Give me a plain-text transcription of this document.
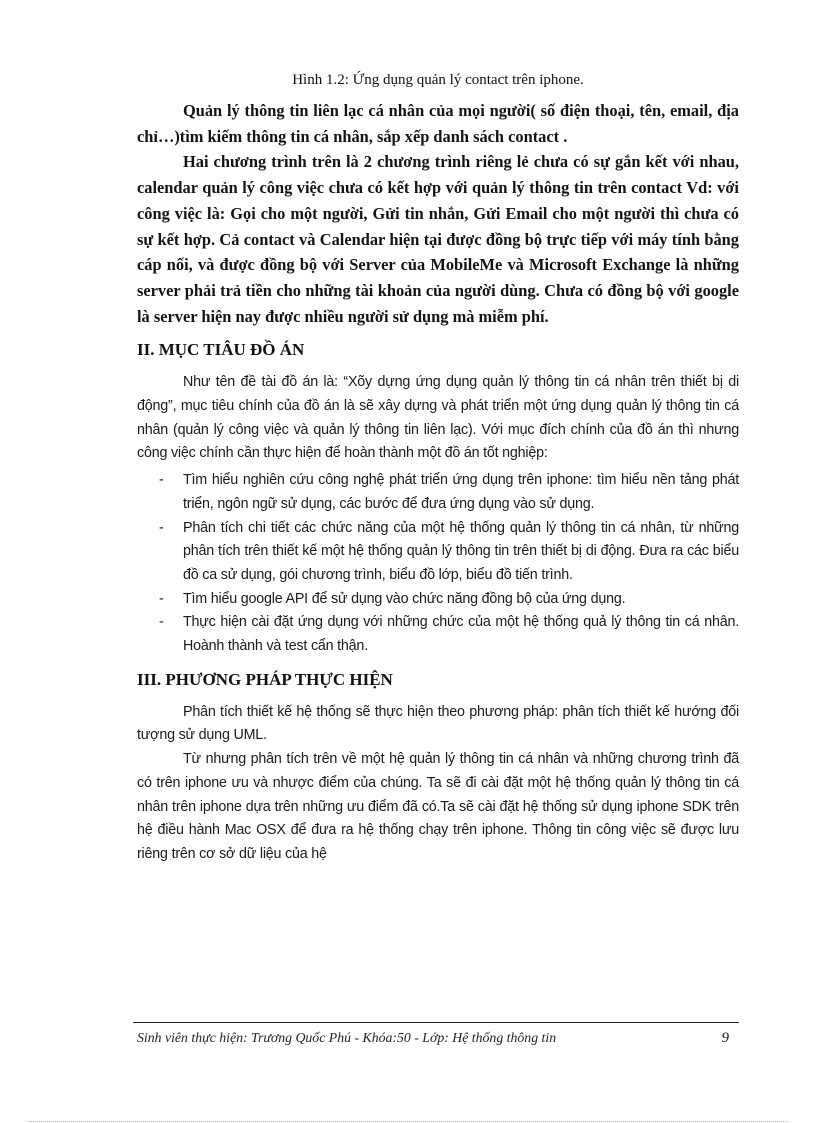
Hình 1.2: Ứng dụng quản lý contact trên iphone.

Quản lý thông tin liên lạc cá nhân của mọi người( số điện thoại, tên, email, địa chỉ…)tìm kiếm thông tin cá nhân, sắp xếp danh sách contact .

Hai chương trình trên là 2 chương trình riêng lẻ chưa có sự gắn kết với nhau, calendar quản lý công việc chưa có kết hợp với quản lý thông tin trên contact Vd: với công việc là: Gọi cho một người, Gửi tin nhắn, Gửi Email cho một người thì chưa có sự kết hợp. Cả contact và Calendar hiện tại được đồng bộ trực tiếp với máy tính bằng cáp nối, và được đồng bộ với Server của MobileMe và Microsoft Exchange là những server phải trả tiền cho những tài khoản của người dùng. Chưa có đồng bộ với google là server hiện nay được nhiều người sử dụng mà miễm phí.

II. MỤC TIÂU ĐỒ ÁN

Như tên đề tài đồ án là: “Xõy dựng ứng dụng quản lý thông tin cá nhân trên thiết bị di động”, mục tiêu chính của đồ án là sẽ xây dựng và phát triển một ứng dụng quản lý thông tin cá nhân (quản lý công việc và quản lý thông tin liên lạc). Với mục đích chính của đồ án thì nhưng công việc chính cần thực hiện để hoàn thành một đồ án tốt nghiệp:

- Tìm hiểu nghiên cứu công nghệ phát triển ứng dụng trên iphone: tìm hiểu nền tảng phát triển, ngôn ngữ sử dụng, các bước để đưa ứng dụng vào sử dụng.
- Phân tích chi tiết các chức năng của một hệ thống quản lý thông tin cá nhân, từ những phân tích trên thiết kế một hệ thống quản lý thông tin trên thiết bị di động. Đưa ra các biểu đồ ca sử dụng, gói chương trình, biểu đồ lớp, biểu đồ tiến trình.
- Tìm hiểu google API để sử dụng vào chức năng đồng bộ của ứng dụng.
- Thực hiện cài đặt ứng dụng với những chức của một hệ thống quả lý thông tin cá nhân. Hoành thành và test cẩn thận.
III. PHƯƠNG PHÁP THỰC HIỆN

Phân tích thiết kế hệ thống sẽ thực hiện theo phương pháp: phân tích thiết kế hướng đối tượng sử dụng UML.

Từ nhưng phân tích trên về một hệ quản lý thông tin cá nhân và những chương trình đã có trên iphone ưu và nhược điểm của chúng. Ta sẽ đi cài đặt một hệ thống quản lý thông tin cá nhân trên iphone dựa trên những ưu điểm đã có.Ta sẽ cài đặt hệ thống sử dụng iphone SDK trên hệ điều hành Mac OSX để đưa ra hệ thống chạy trên iphone. Thông tin công việc sẽ được lưu riêng trên cơ sở dữ liệu của hệ

Sinh viên thực hiện: Trương Quốc Phú - Khóa:50 - Lớp: Hệ thống thông tin	9
